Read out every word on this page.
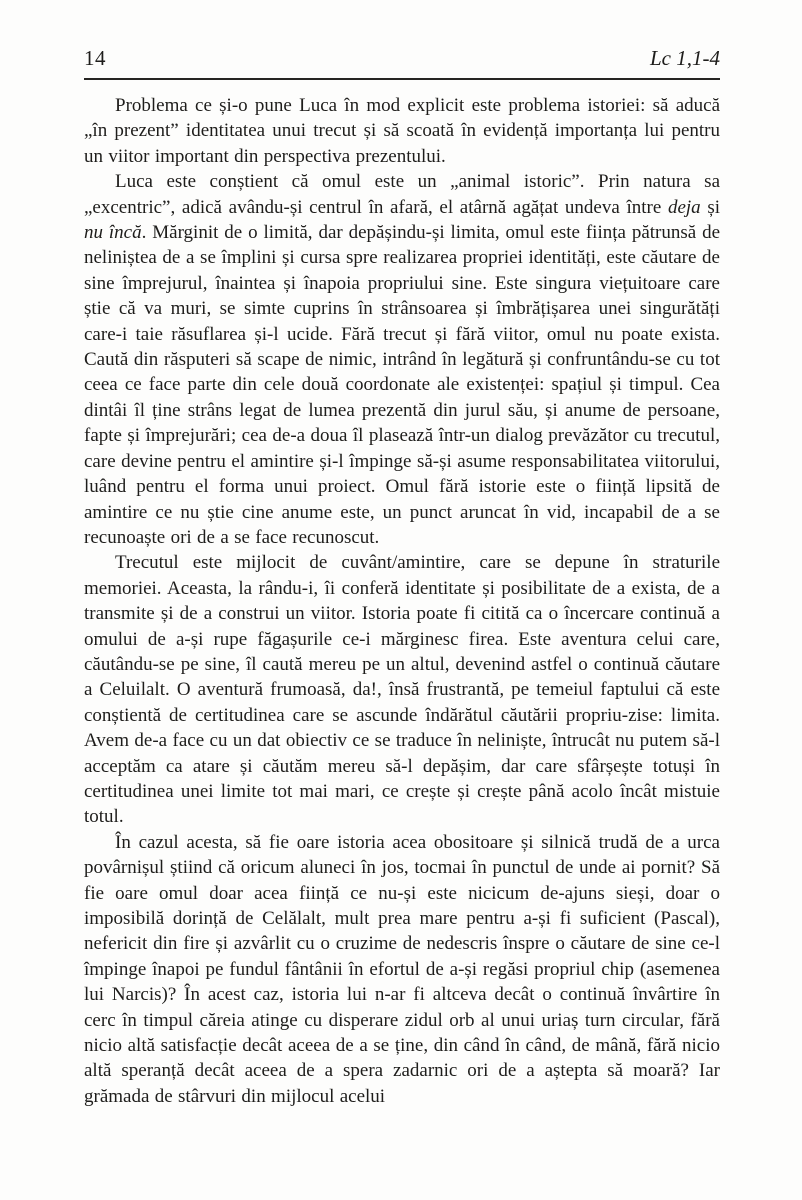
14	Lc 1,1-4

Problema ce și-o pune Luca în mod explicit este problema istoriei: să aducă „în prezent” identitatea unui trecut și să scoată în evidență importanța lui pentru un viitor important din perspectiva prezentului.

Luca este conștient că omul este un „animal istoric”. Prin natura sa „excentric”, adică avându-și centrul în afară, el atârnă agățat undeva între deja și nu încă. Mărginit de o limită, dar depășindu-și limita, omul este ființa pătrunsă de neliniștea de a se împlini și cursa spre realizarea propriei identități, este căutare de sine împrejurul, înaintea și înapoia propriului sine. Este singura viețuitoare care știe că va muri, se simte cuprins în strânsoarea și îmbrățișarea unei singurătăți care-i taie răsuflarea și-l ucide. Fără trecut și fără viitor, omul nu poate exista. Caută din răsputeri să scape de nimic, intrând în legătură și confruntându-se cu tot ceea ce face parte din cele două coordonate ale existenței: spațiul și timpul. Cea dintâi îl ține strâns legat de lumea prezentă din jurul său, și anume de persoane, fapte și împrejurări; cea de-a doua îl plasează într-un dialog prevăzător cu trecutul, care devine pentru el amintire și-l împinge să-și asume responsabilitatea viitorului, luând pentru el forma unui proiect. Omul fără istorie este o ființă lipsită de amintire ce nu știe cine anume este, un punct aruncat în vid, incapabil de a se recunoaște ori de a se face recunoscut.

Trecutul este mijlocit de cuvânt/amintire, care se depune în straturile memoriei. Aceasta, la rându-i, îi conferă identitate și posibilitate de a exista, de a transmite și de a construi un viitor. Istoria poate fi citită ca o încercare continuă a omului de a-și rupe făgașurile ce-i mărginesc firea. Este aventura celui care, căutându-se pe sine, îl caută mereu pe un altul, devenind astfel o continuă căutare a Celuilalt. O aventură frumoasă, da!, însă frustrantă, pe temeiul faptului că este conștientă de certitudinea care se ascunde îndărătul căutării propriu-zise: limita. Avem de-a face cu un dat obiectiv ce se traduce în neliniște, întrucât nu putem să-l acceptăm ca atare și căutăm mereu să-l depășim, dar care sfârșește totuși în certitudinea unei limite tot mai mari, ce crește și crește până acolo încât mistuie totul.

În cazul acesta, să fie oare istoria acea obositoare și silnică trudă de a urca povârnișul știind că oricum aluneci în jos, tocmai în punctul de unde ai pornit? Să fie oare omul doar acea ființă ce nu-și este nicicum de-ajuns sieși, doar o imposibilă dorință de Celălalt, mult prea mare pentru a-și fi suficient (Pascal), nefericit din fire și azvârlit cu o cruzime de nedescris înspre o căutare de sine ce-l împinge înapoi pe fundul fântânii în efortul de a-și regăsi propriul chip (asemenea lui Narcis)? În acest caz, istoria lui n-ar fi altceva decât o continuă învârtire în cerc în timpul căreia atinge cu disperare zidul orb al unui uriaș turn circular, fără nicio altă satisfacție decât aceea de a se ține, din când în când, de mână, fără nicio altă speranță decât aceea de a spera zadarnic ori de a aștepta să moară? Iar grămada de stârvuri din mijlocul acelui
